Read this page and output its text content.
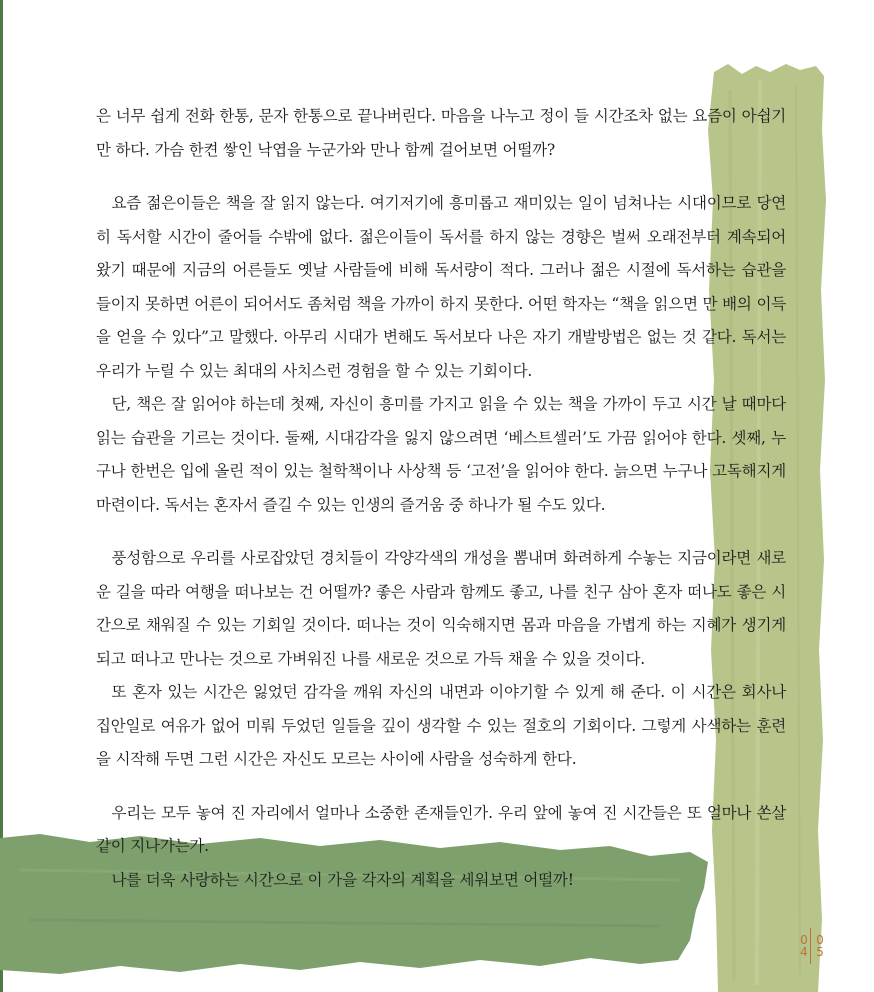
은 너무 쉽게 전화 한통, 문자 한통으로 끝나버린다. 마음을 나누고 정이 들 시간조차 없는 요즘이 아쉽기만 하다. 가슴 한켠 쌓인 낙엽을 누군가와 만나 함께 걸어보면 어떨까?

요즘 젊은이들은 책을 잘 읽지 않는다. 여기저기에 흥미롭고 재미있는 일이 넘쳐나는 시대이므로 당연히 독서할 시간이 줄어들 수밖에 없다. 젊은이들이 독서를 하지 않는 경향은 벌써 오래전부터 계속되어 왔기 때문에 지금의 어른들도 옛날 사람들에 비해 독서량이 적다. 그러나 젊은 시절에 독서하는 습관을 들이지 못하면 어른이 되어서도 좀처럼 책을 가까이 하지 못한다. 어떤 학자는 “책을 읽으면 만 배의 이득을 얻을 수 있다”고 말했다. 아무리 시대가 변해도 독서보다 나은 자기 개발방법은 없는 것 같다. 독서는 우리가 누릴 수 있는 최대의 사치스런 경험을 할 수 있는 기회이다.

단, 책은 잘 읽어야 하는데 첫째, 자신이 흥미를 가지고 읽을 수 있는 책을 가까이 두고 시간 날 때마다 읽는 습관을 기르는 것이다. 둘째, 시대감각을 잃지 않으려면 ‘베스트셀러’도 가끔 읽어야 한다. 셋째, 누구나 한번은 입에 올린 적이 있는 철학책이나 사상책 등 ‘고전’을 읽어야 한다. 늙으면 누구나 고독해지게 마련이다. 독서는 혼자서 즐길 수 있는 인생의 즐거움 중 하나가 될 수도 있다.

풍성함으로 우리를 사로잡았던 경치들이 각양각색의 개성을 뽐내며 화려하게 수놓는 지금이라면 새로운 길을 따라 여행을 떠나보는 건 어떨까? 좋은 사람과 함께도 좋고, 나를 친구 삼아 혼자 떠나도 좋은 시간으로 채워질 수 있는 기회일 것이다. 떠나는 것이 익숙해지면 몸과 마음을 가볍게 하는 지혜가 생기게 되고 떠나고 만나는 것으로 가벼워진 나를 새로운 것으로 가득 채울 수 있을 것이다.

또 혼자 있는 시간은 잃었던 감각을 깨워 자신의 내면과 이야기할 수 있게 해 준다. 이 시간은 회사나 집안일로 여유가 없어 미뤄 두었던 일들을 깊이 생각할 수 있는 절호의 기회이다. 그렇게 사색하는 훈련을 시작해 두면 그런 시간은 자신도 모르는 사이에 사람을 성숙하게 한다.

우리는 모두 놓여 진 자리에서 얼마나 소중한 존재들인가. 우리 앞에 놓여 진 시간들은 또 얼마나 쏜살같이 지나가는가.

나를 더욱 사랑하는 시간으로 이 가을 각자의 계획을 세워보면 어떨까!

04
05
